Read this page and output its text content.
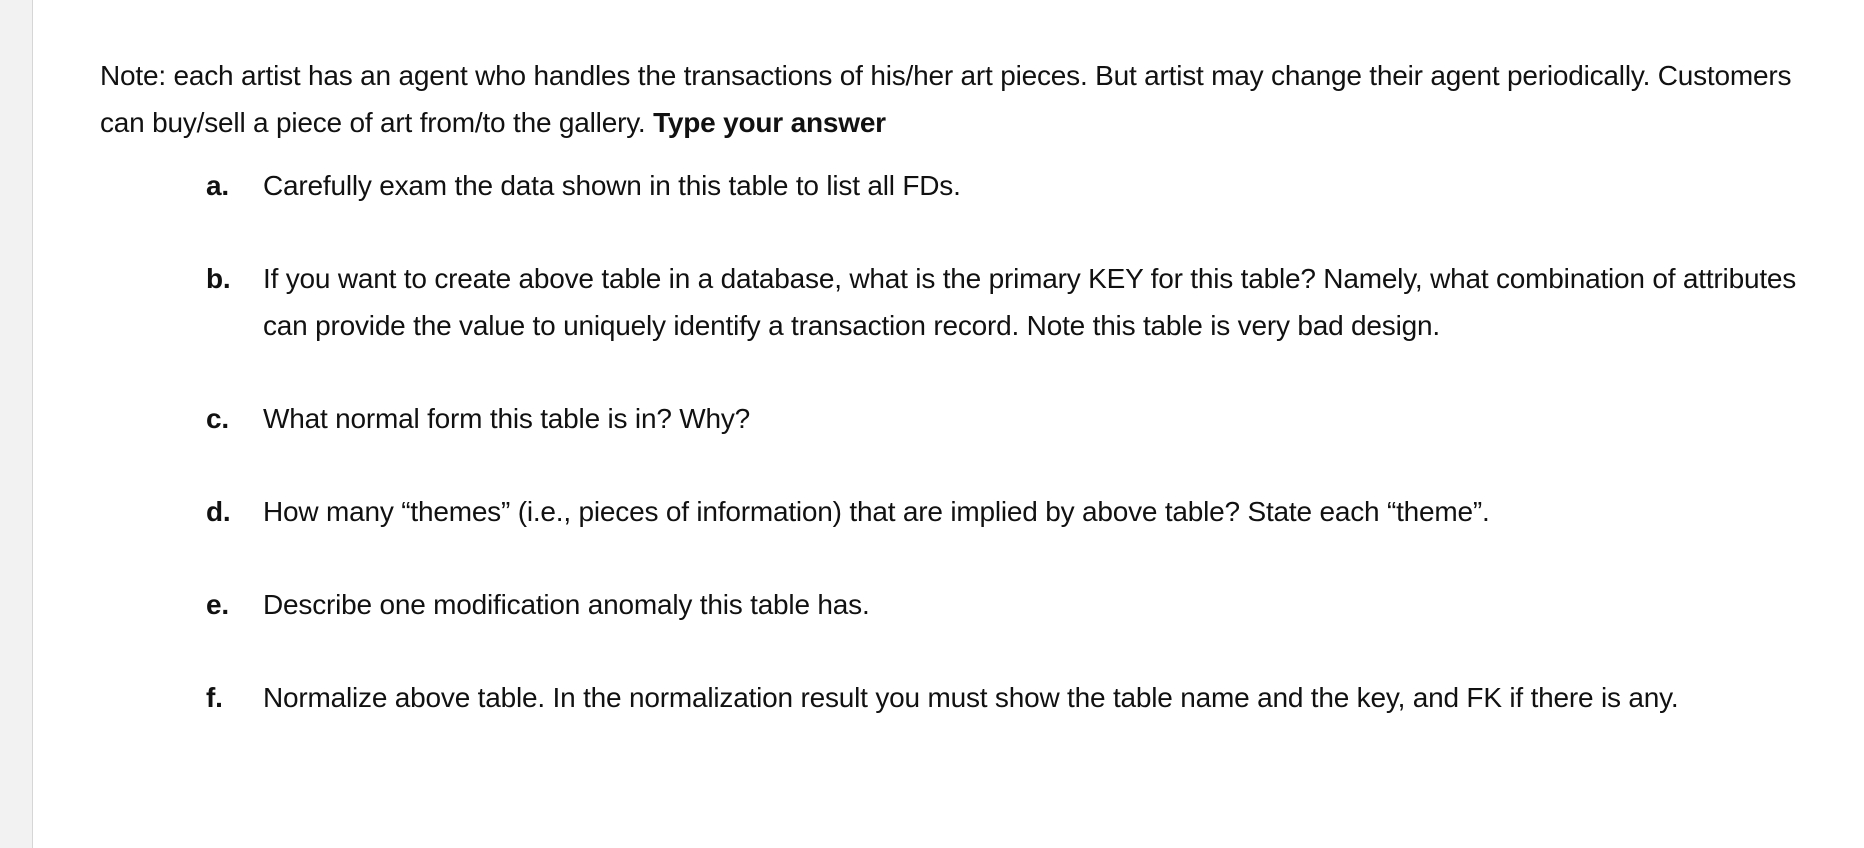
Note: each artist has an agent who handles the transactions of his/her art pieces. But artist may change their agent periodically. Customers can buy/sell a piece of art from/to the gallery. Type your answer

a. Carefully exam the data shown in this table to list all FDs.
b. If you want to create above table in a database, what is the primary KEY for this table? Namely, what combination of attributes can provide the value to uniquely identify a transaction record. Note this table is very bad design.
c. What normal form this table is in? Why?
d. How many “themes” (i.e., pieces of information) that are implied by above table? State each “theme”.
e. Describe one modification anomaly this table has.
f. Normalize above table. In the normalization result you must show the table name and the key, and FK if there is any.
